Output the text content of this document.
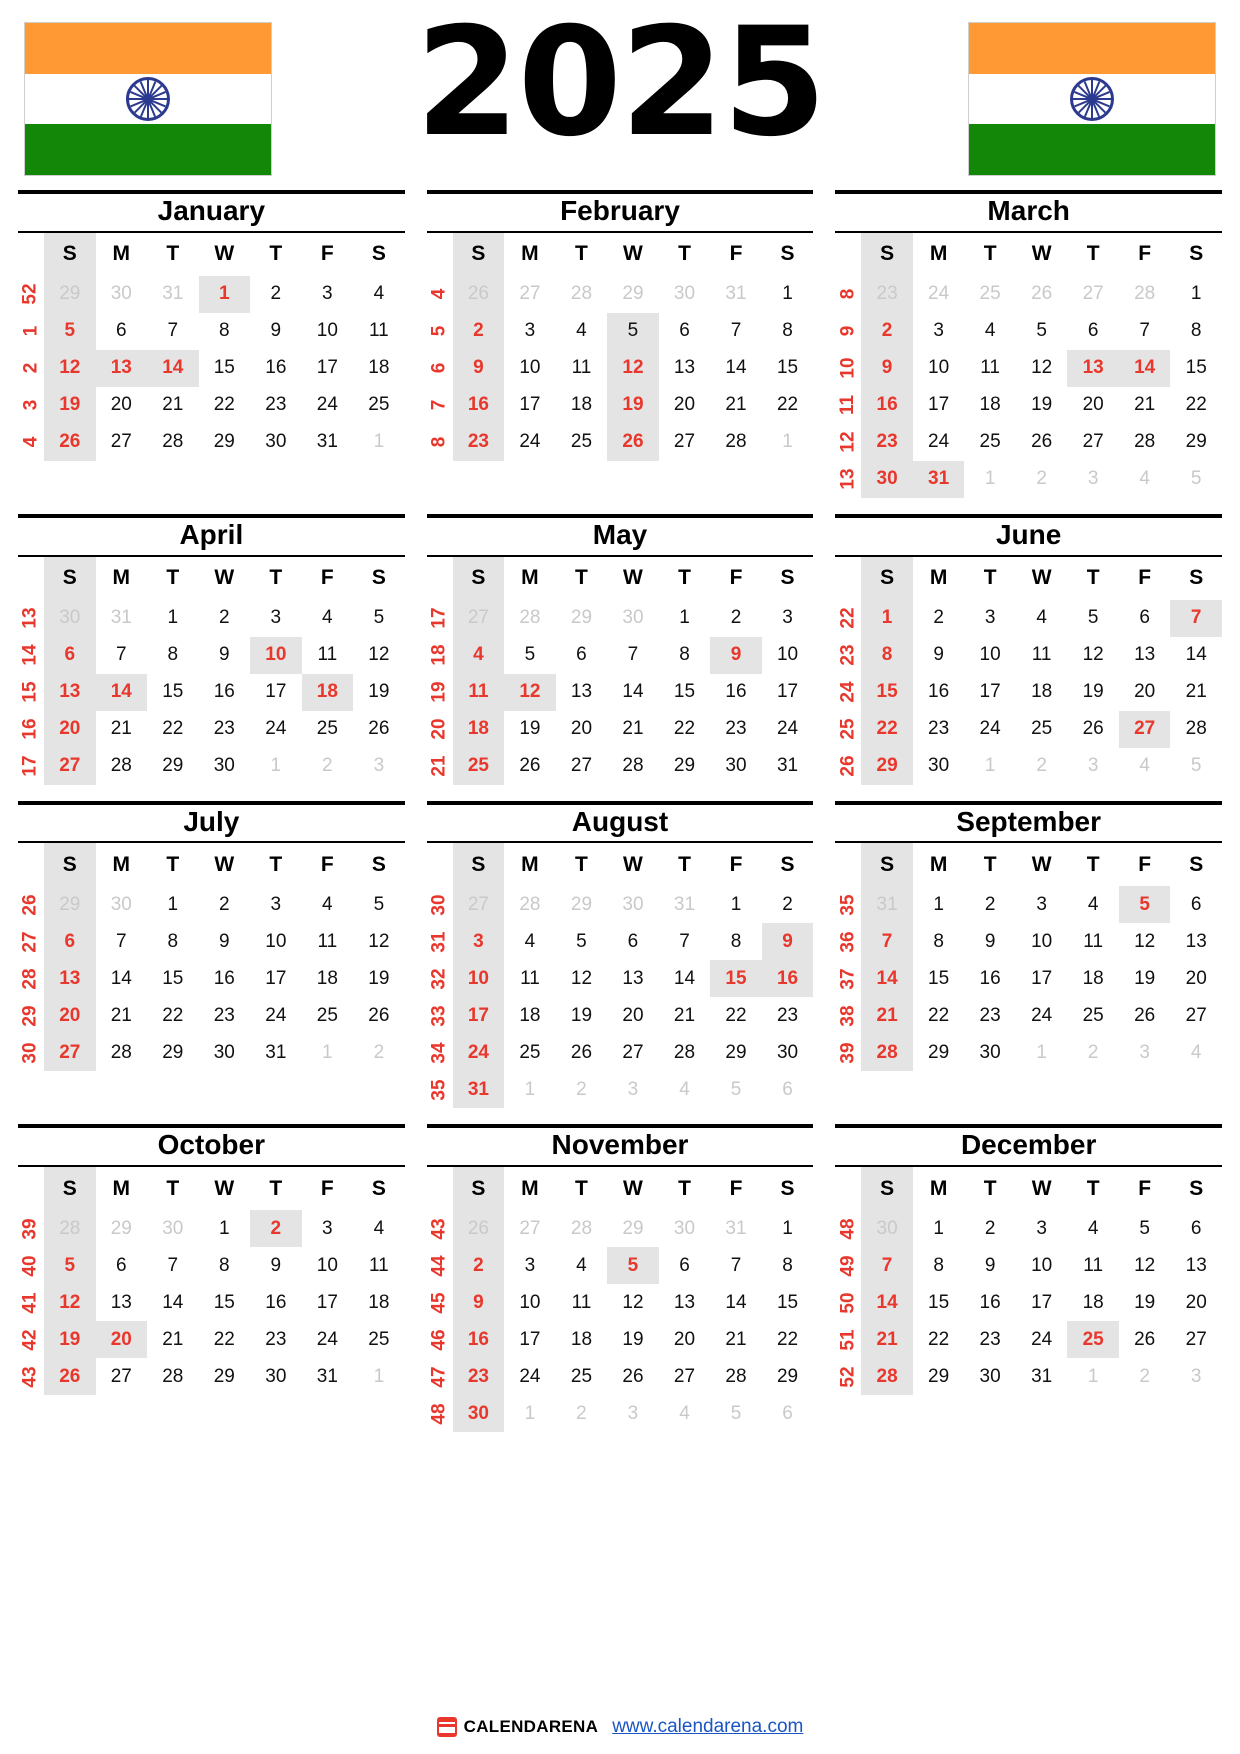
2025
January
	S	M	T	W	T	F	S
52	29	30	31	1	2	3	4
1	5	6	7	8	9	10	11
2	12	13	14	15	16	17	18
3	19	20	21	22	23	24	25
4	26	27	28	29	30	31	1
February
	S	M	T	W	T	F	S
4	26	27	28	29	30	31	1
5	2	3	4	5	6	7	8
6	9	10	11	12	13	14	15
7	16	17	18	19	20	21	22
8	23	24	25	26	27	28	1
March
	S	M	T	W	T	F	S
8	23	24	25	26	27	28	1
9	2	3	4	5	6	7	8
10	9	10	11	12	13	14	15
11	16	17	18	19	20	21	22
12	23	24	25	26	27	28	29
13	30	31	1	2	3	4	5
April
	S	M	T	W	T	F	S
13	30	31	1	2	3	4	5
14	6	7	8	9	10	11	12
15	13	14	15	16	17	18	19
16	20	21	22	23	24	25	26
17	27	28	29	30	1	2	3
May
	S	M	T	W	T	F	S
17	27	28	29	30	1	2	3
18	4	5	6	7	8	9	10
19	11	12	13	14	15	16	17
20	18	19	20	21	22	23	24
21	25	26	27	28	29	30	31
June
	S	M	T	W	T	F	S
22	1	2	3	4	5	6	7
23	8	9	10	11	12	13	14
24	15	16	17	18	19	20	21
25	22	23	24	25	26	27	28
26	29	30	1	2	3	4	5
July
	S	M	T	W	T	F	S
26	29	30	1	2	3	4	5
27	6	7	8	9	10	11	12
28	13	14	15	16	17	18	19
29	20	21	22	23	24	25	26
30	27	28	29	30	31	1	2
August
	S	M	T	W	T	F	S
30	27	28	29	30	31	1	2
31	3	4	5	6	7	8	9
32	10	11	12	13	14	15	16
33	17	18	19	20	21	22	23
34	24	25	26	27	28	29	30
35	31	1	2	3	4	5	6
September
	S	M	T	W	T	F	S
35	31	1	2	3	4	5	6
36	7	8	9	10	11	12	13
37	14	15	16	17	18	19	20
38	21	22	23	24	25	26	27
39	28	29	30	1	2	3	4
October
	S	M	T	W	T	F	S
39	28	29	30	1	2	3	4
40	5	6	7	8	9	10	11
41	12	13	14	15	16	17	18
42	19	20	21	22	23	24	25
43	26	27	28	29	30	31	1
November
	S	M	T	W	T	F	S
43	26	27	28	29	30	31	1
44	2	3	4	5	6	7	8
45	9	10	11	12	13	14	15
46	16	17	18	19	20	21	22
47	23	24	25	26	27	28	29
48	30	1	2	3	4	5	6
December
	S	M	T	W	T	F	S
48	30	1	2	3	4	5	6
49	7	8	9	10	11	12	13
50	14	15	16	17	18	19	20
51	21	22	23	24	25	26	27
52	28	29	30	31	1	2	3
CALENDARENA www.calendarena.com
